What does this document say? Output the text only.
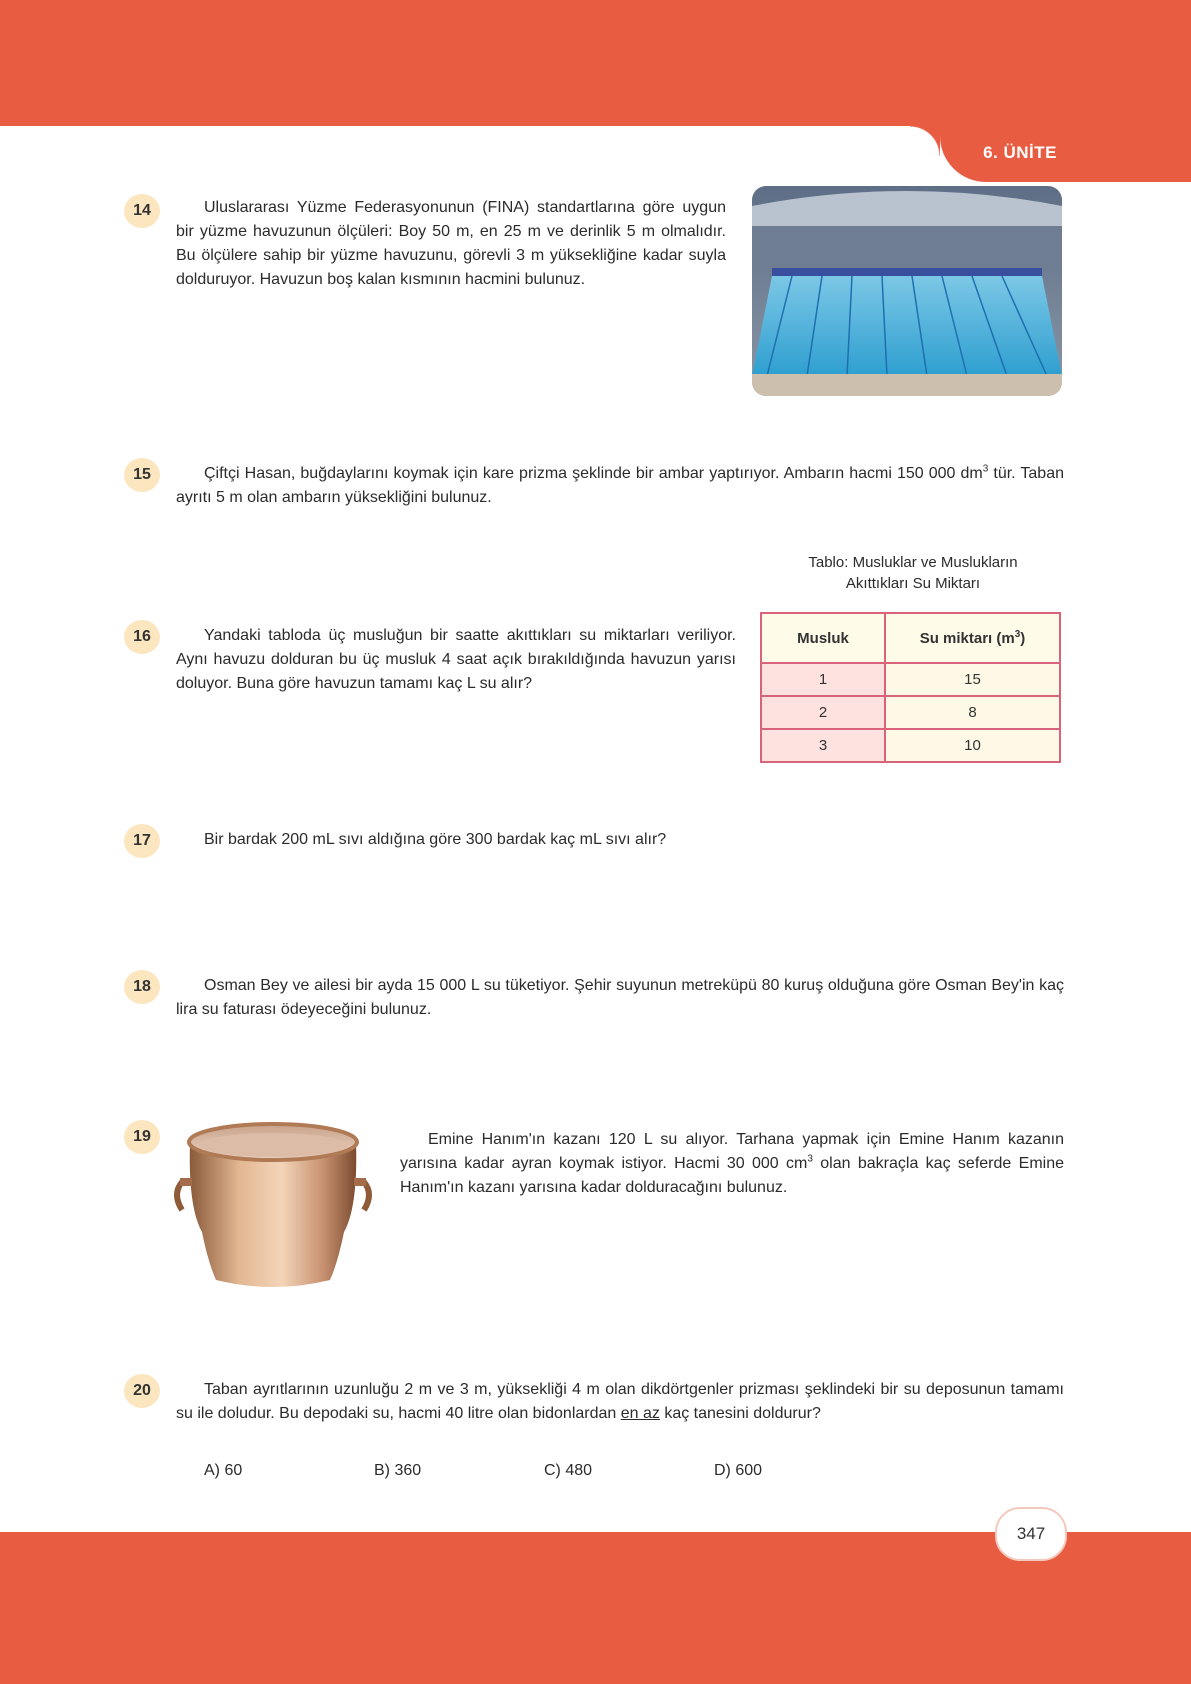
6. ÜNİTE
14	Uluslararası Yüzme Federasyonunun (FINA) standartlarına göre uygun bir yüzme havuzunun ölçüleri: Boy 50 m, en 25 m ve derinlik 5 m olmalıdır. Bu ölçülere sahip bir yüzme havuzunu, görevli 3 m yüksekliğine kadar suyla dolduruyor. Havuzun boş kalan kısmının hacmini bulunuz.
15	Çiftçi Hasan, buğdaylarını koymak için kare prizma şeklinde bir ambar yaptırıyor. Ambarın hacmi 150 000 $dm^3$ tür. Taban ayrıtı 5 m olan ambarın yüksekliğini bulunuz.
Tablo: Musluklar ve Muslukların
Akıttıkları Su Miktarı
16	Yandaki tabloda üç musluğun bir saatte akıttıkları su miktarları veriliyor. Aynı havuzu dolduran bu üç musluk 4 saat açık bırakıldığında havuzun yarısı doluyor. Buna göre havuzun tamamı kaç L su alır?
Musluk	Su miktarı $(m^3)$
1	15
2	8
3	10
17	Bir bardak 200 mL sıvı aldığına göre 300 bardak kaç mL sıvı alır?
18	Osman Bey ve ailesi bir ayda 15 000 L su tüketiyor. Şehir suyunun metreküpü 80 kuruş olduğuna göre Osman Bey'in kaç lira su faturası ödeyeceğini bulunuz.
19	Emine Hanım'ın kazanı 120 L su alıyor. Tarhana yapmak için Emine Hanım kazanın yarısına kadar ayran koymak istiyor. Hacmi 30 000 $cm^3$ olan bakraçla kaç seferde Emine Hanım'ın kazanı yarısına kadar dolduracağını bulunuz.
20	Taban ayrıtlarının uzunluğu 2 m ve 3 m, yüksekliği 4 m olan dikdörtgenler prizması şeklindeki bir su deposunun tamamı su ile doludur. Bu depodaki su, hacmi 40 litre olan bidonlardan en az kaç tanesini doldurur?
A) 60	B) 360	C) 480	D) 600
347
